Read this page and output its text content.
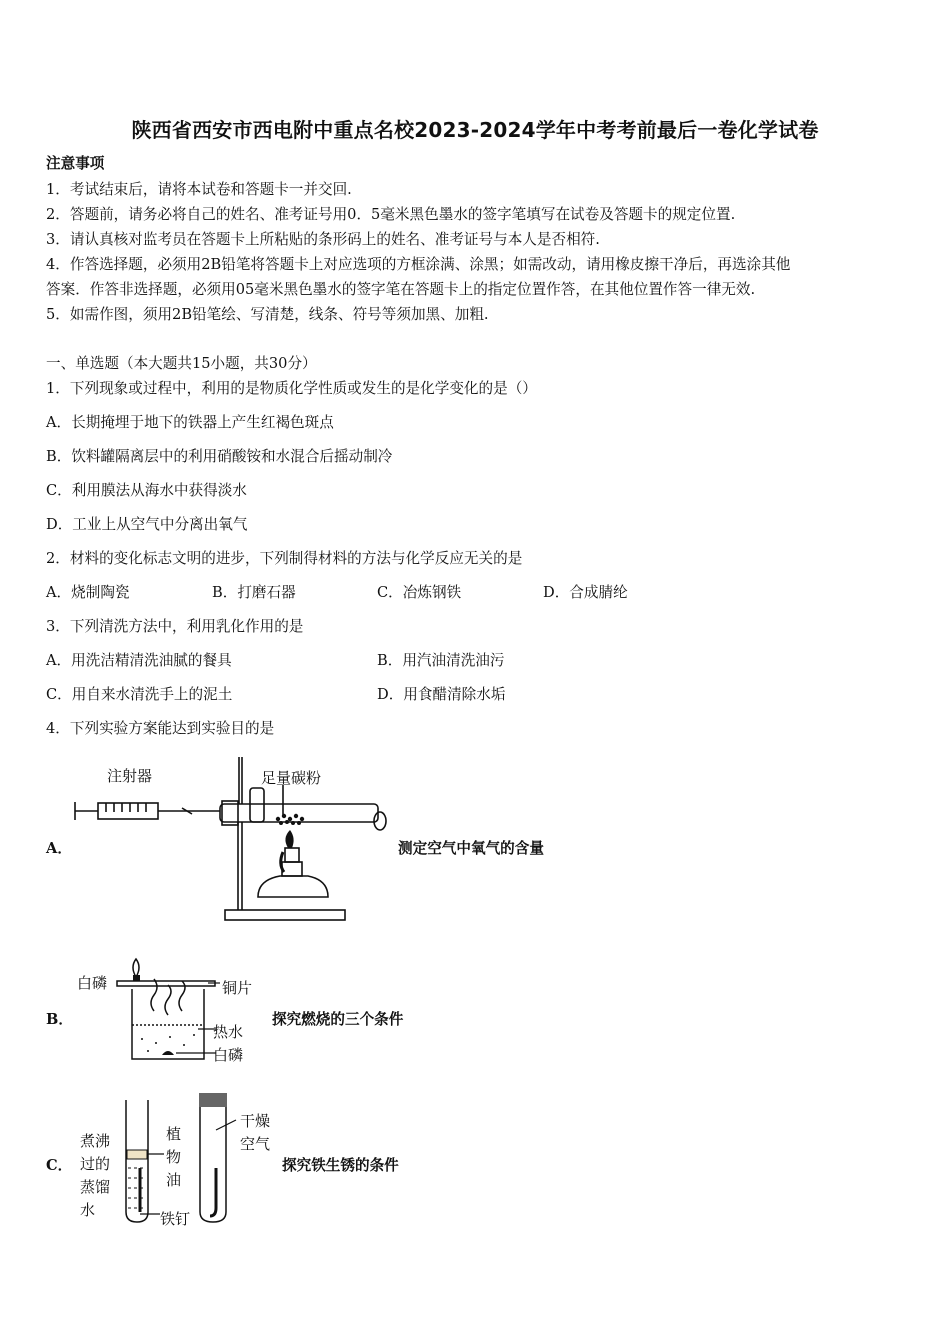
陕西省西安市西电附中重点名校2023-2024学年中考考前最后一卷化学试卷
注意事项
1．考试结束后，请将本试卷和答题卡一并交回.
2．答题前，请务必将自己的姓名、准考证号用0．5毫米黑色墨水的签字笔填写在试卷及答题卡的规定位置.
3．请认真核对监考员在答题卡上所粘贴的条形码上的姓名、准考证号与本人是否相符.
4．作答选择题，必须用2B铅笔将答题卡上对应选项的方框涂满、涂黑；如需改动，请用橡皮擦干净后，再选涂其他
答案．作答非选择题，必须用05毫米黑色墨水的签字笔在答题卡上的指定位置作答，在其他位置作答一律无效.
5．如需作图，须用2B铅笔绘、写清楚，线条、符号等须加黑、加粗.
一、单选题（本大题共15小题，共30分）
1．下列现象或过程中，利用的是物质化学性质或发生的是化学变化的是（）
A．长期掩埋于地下的铁器上产生红褐色斑点
B．饮料罐隔离层中的利用硝酸铵和水混合后摇动制冷
C．利用膜法从海水中获得淡水
D．工业上从空气中分离出氧气
2．材料的变化标志文明的进步，下列制得材料的方法与化学反应无关的是
A．烧制陶瓷	B．打磨石器	C．冶炼钢铁	D．合成腈纶
3．下列清洗方法中，利用乳化作用的是
A．用洗洁精清洗油腻的餐具	B．用汽油清洗油污
C．用自来水清洗手上的泥土	D．用食醋清除水垢
4．下列实验方案能达到实验目的是
A．
注射器	足量碳粉
测定空气中氧气的含量
B．
白磷	铜片
热水
白磷
探究燃烧的三个条件
C．
煮沸
过的
蒸馏
水
植
物
油
铁钉
干燥
空气
探究铁生锈的条件
